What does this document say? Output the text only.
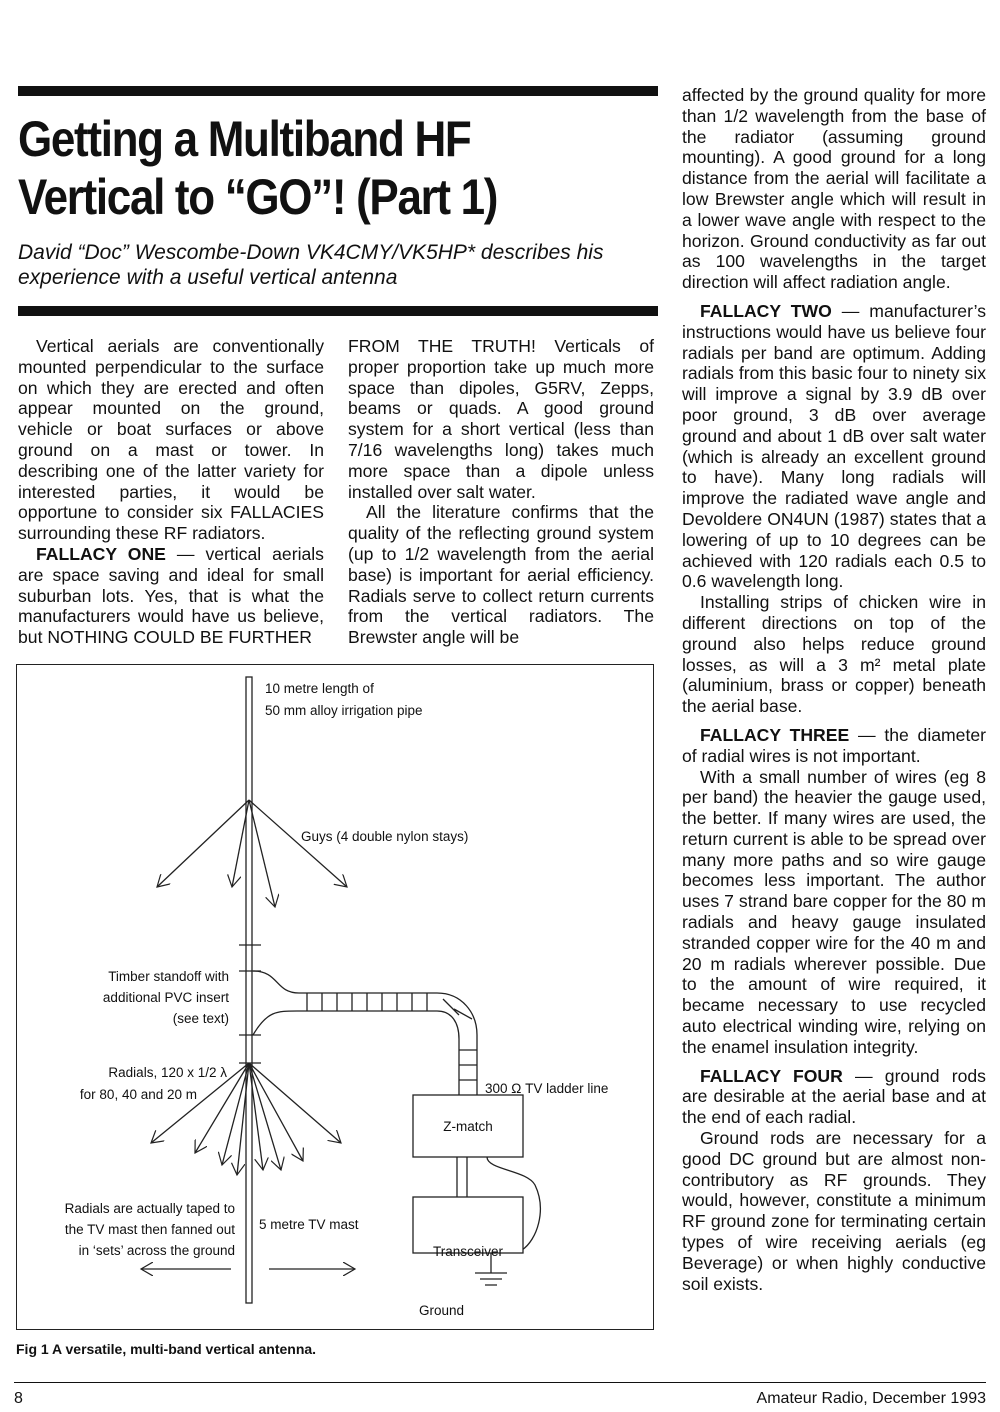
Getting a Multiband HF Vertical to “GO”! (Part 1)
David “Doc” Wescombe-Down VK4CMY/VK5HP* describes his experience with a useful vertical antenna

Vertical aerials are conventionally mounted perpendicular to the surface on which they are erected and often appear mounted on the ground, vehicle or boat surfaces or above ground on a mast or tower. In describing one of the latter variety for interested parties, it would be opportune to consider six FALLACIES surrounding these RF radiators.

FALLACY ONE — vertical aerials are space saving and ideal for small suburban lots. Yes, that is what the manufacturers would have us believe, but NOTHING COULD BE FURTHER

FROM THE TRUTH! Verticals of proper proportion take up much more space than dipoles, G5RV, Zepps, beams or quads. A good ground system for a short vertical (less than 7/16 wavelengths long) takes much more space than a dipole unless installed over salt water.

All the literature confirms that the quality of the reflecting ground system (up to 1/2 wavelength from the aerial base) is important for aerial efficiency. Radials serve to collect return currents from the vertical radiators. The Brewster angle will be

affected by the ground quality for more than 1/2 wavelength from the base of the radiator (assuming ground mounting). A good ground for a long distance from the aerial will facilitate a low Brewster angle which will result in a lower wave angle with respect to the horizon. Ground conductivity as far out as 100 wavelengths in the target direction will affect radiation angle.

FALLACY TWO — manufacturer’s instructions would have us believe four radials per band are optimum. Adding radials from this basic four to ninety six will improve a signal by 3.9 dB over poor ground, 3 dB over average ground and about 1 dB over salt water (which is already an excellent ground to have). Many long radials will improve the radiated wave angle and Devoldere ON4UN (1987) states that a lowering of up to 10 degrees can be achieved with 120 radials each 0.5 to 0.6 wavelength long.

Installing strips of chicken wire in different directions on top of the ground also helps reduce ground losses, as will a 3 m² metal plate (aluminium, brass or copper) beneath the aerial base.

FALLACY THREE — the diameter of radial wires is not important.

With a small number of wires (eg 8 per band) the heavier the gauge used, the better. If many wires are used, the return current is able to be spread over many more paths and so wire gauge becomes less important. The author uses 7 strand bare copper for the 80 m radials and heavy gauge insulated stranded copper wire for the 40 m and 20 m radials wherever possible. Due to the amount of wire required, it became necessary to use recycled auto electrical winding wire, relying on the enamel insulation integrity.

FALLACY FOUR — ground rods are desirable at the aerial base and at the end of each radial.

Ground rods are necessary for a good DC ground but are almost non-contributory as RF grounds. They would, however, constitute a minimum RF ground zone for terminating certain types of wire receiving aerials (eg Beverage) or when highly conductive soil exists.

10 metre length of
50 mm alloy irrigation pipe
Guys (4 double nylon stays)
Timber standoff with
additional PVC insert
(see text)
Radials, 120 x 1/2 λ
for 80, 40 and 20 m	300 Ω TV ladder line
Z-match
Radials are actually taped to
the TV mast then fanned out
in ‘sets’ across the ground
5 metre TV mast
Transceiver
Ground
Fig 1 A versatile, multi-band vertical antenna.
8	Amateur Radio, December 1993
